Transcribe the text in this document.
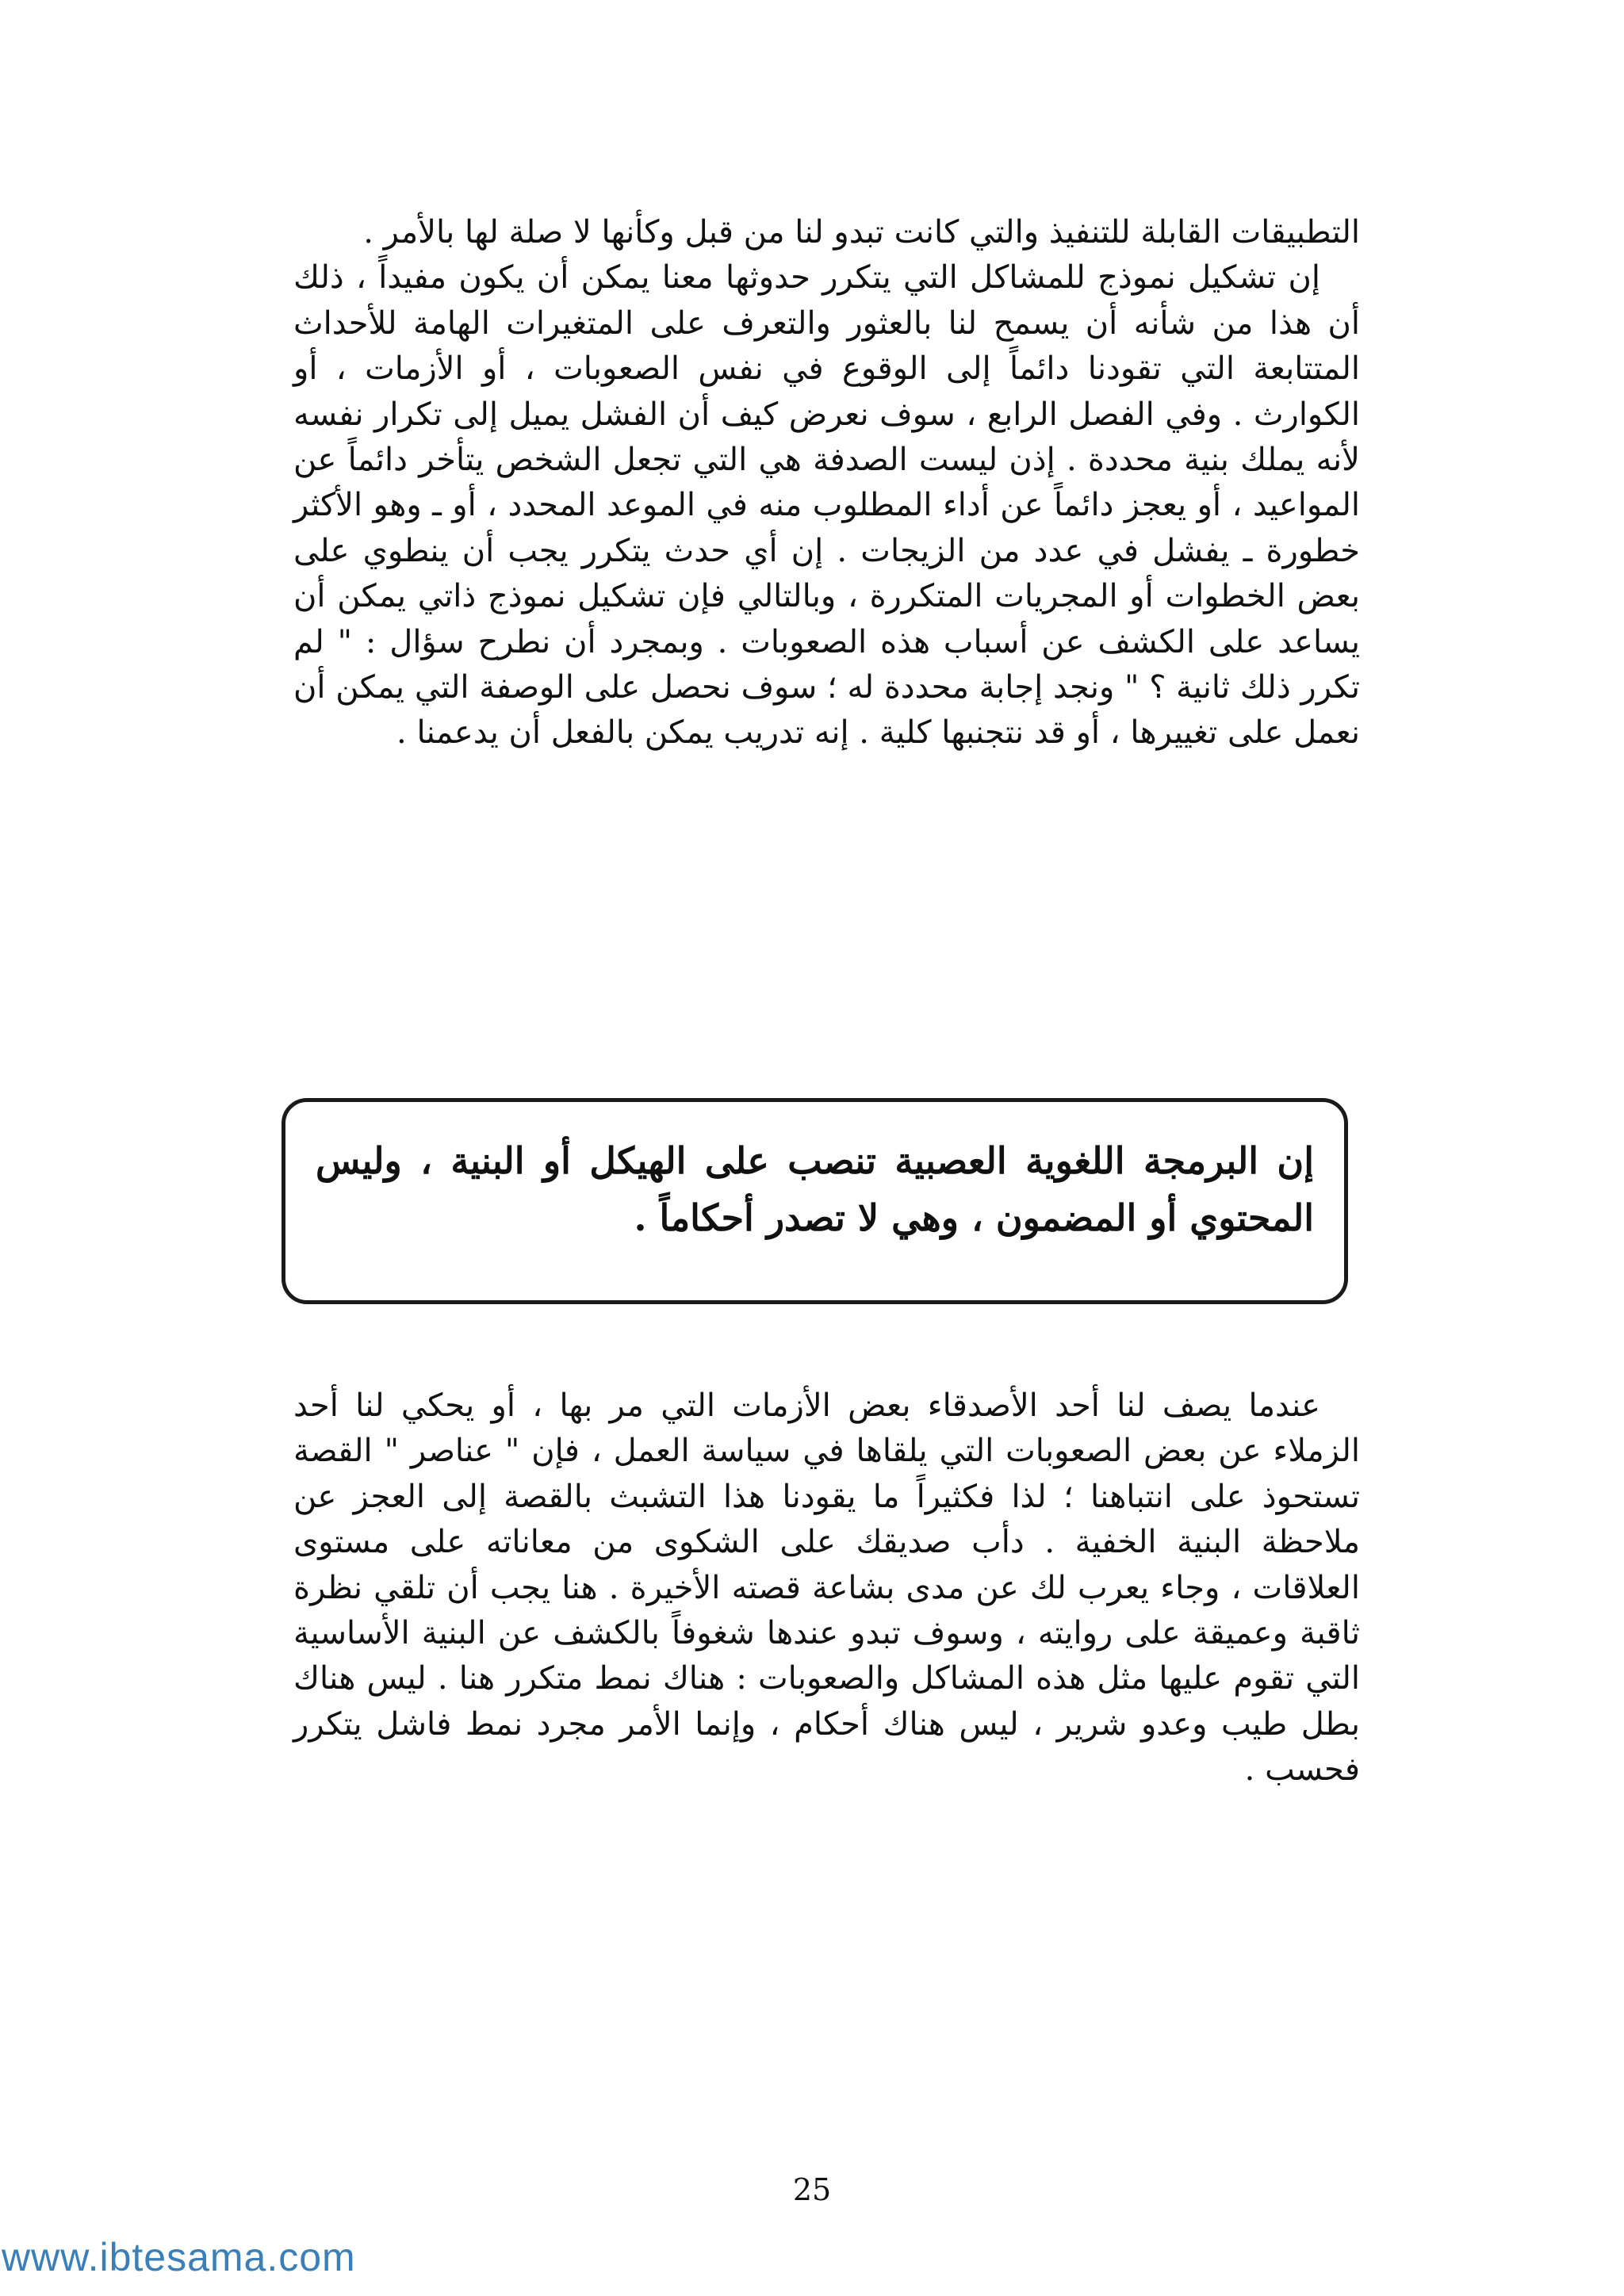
التطبيقات القابلة للتنفيذ والتي كانت تبدو لنا من قبل وكأنها لا صلة لها بالأمر .

إن تشكيل نموذج للمشاكل التي يتكرر حدوثها معنا يمكن أن يكون مفيداً ، ذلك أن هذا من شأنه أن يسمح لنا بالعثور والتعرف على المتغيرات الهامة للأحداث المتتابعة التي تقودنا دائماً إلى الوقوع في نفس الصعوبات ، أو الأزمات ، أو الكوارث . وفي الفصل الرابع ، سوف نعرض كيف أن الفشل يميل إلى تكرار نفسه لأنه يملك بنية محددة . إذن ليست الصدفة هي التي تجعل الشخص يتأخر دائماً عن المواعيد ، أو يعجز دائماً عن أداء المطلوب منه في الموعد المحدد ، أو ـ وهو الأكثر خطورة ـ يفشل في عدد من الزيجات . إن أي حدث يتكرر يجب أن ينطوي على بعض الخطوات أو المجريات المتكررة ، وبالتالي فإن تشكيل نموذج ذاتي يمكن أن يساعد على الكشف عن أسباب هذه الصعوبات . وبمجرد أن نطرح سؤال : " لم تكرر ذلك ثانية ؟ " ونجد إجابة محددة له ؛ سوف نحصل على الوصفة التي يمكن أن نعمل على تغييرها ، أو قد نتجنبها كلية . إنه تدريب يمكن بالفعل أن يدعمنا .

إن البرمجة اللغوية العصبية تنصب على الهيكل أو البنية ، وليس المحتوي أو المضمون ، وهي لا تصدر أحكاماً .

عندما يصف لنا أحد الأصدقاء بعض الأزمات التي مر بها ، أو يحكي لنا أحد الزملاء عن بعض الصعوبات التي يلقاها في سياسة العمل ، فإن " عناصر " القصة تستحوذ على انتباهنا ؛ لذا فكثيراً ما يقودنا هذا التشبث بالقصة إلى العجز عن ملاحظة البنية الخفية . دأب صديقك على الشكوى من معاناته على مستوى العلاقات ، وجاء يعرب لك عن مدى بشاعة قصته الأخيرة . هنا يجب أن تلقي نظرة ثاقبة وعميقة على روايته ، وسوف تبدو عندها شغوفاً بالكشف عن البنية الأساسية التي تقوم عليها مثل هذه المشاكل والصعوبات : هناك نمط متكرر هنا . ليس هناك بطل طيب وعدو شرير ، ليس هناك أحكام ، وإنما الأمر مجرد نمط فاشل يتكرر فحسب .

25
www.ibtesama.com
